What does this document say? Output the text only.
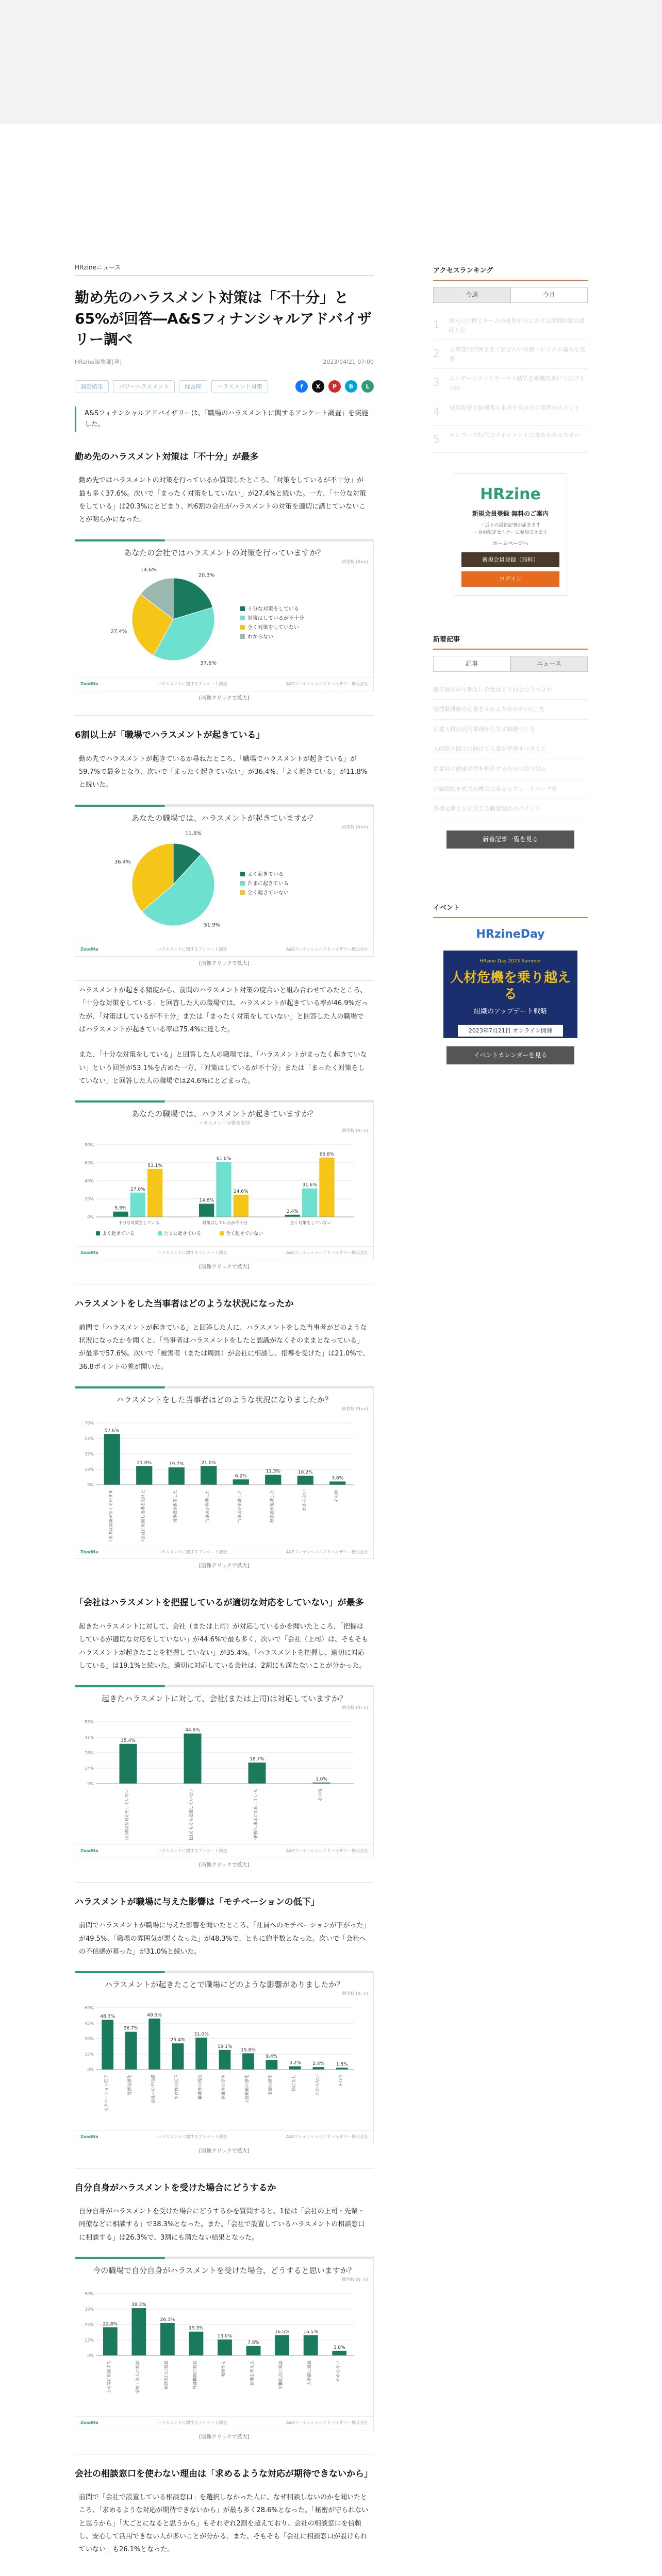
HRzineニュース
勤め先のハラスメント対策は「不十分」と65%が回答―A&Sフィナンシャルアドバイザリー調べ
HRzine編集部[著]	2023/04/21 07:00
調査結果	パワーハラスメント	経営陣	ハラスメント対策	f	X	P	B	L
A&Sフィナンシャルアドバイザリーは、「職場のハラスメントに関するアンケート調査」を実施した。
勤め先のハラスメント対策は「不十分」が最多

勤め先ではハラスメントの対策を行っているか質問したところ、「対策をしているが不十分」が最も多く37.6%。次いで「まったく対策をしていない」が27.4%と続いた。一方、「十分な対策をしている」は20.3%にとどまり、約6割の会社がハラスメントの対策を適切に講じていないことが明らかになった。

あなたの会社ではハラスメントの対策を行っていますか？
回答数 (N=n)
20.3%
37.6%
27.4%
14.6%
十分な対策をしている
対策はしているが不十分
全く対策をしていない
わからない
ZoodHa	ハラスメントに関するアンケート調査	A&Sフィナンシャルアドバイザリー株式会社
[画像クリックで拡大]
6割以上が「職場でハラスメントが起きている」

勤め先でハラスメントが起きているか尋ねたところ、「職場でハラスメントが起きている」が59.7%で最多となり、次いで「まったく起きていない」が36.4%、「よく起きている」が11.8%と続いた。

あなたの職場では、ハラスメントが起きていますか？
回答数 (N=n)
11.8%
51.9%
36.4%
よく起きている
たまに起きている
全く起きていない
ZoodHa	ハラスメントに関するアンケート調査	A&Sフィナンシャルアドバイザリー株式会社
[画像クリックで拡大]

ハラスメントが起きる頻度から、前問のハラスメント対策の度合いと組み合わせてみたところ、「十分な対策をしている」と回答した人の職場では、ハラスメントが起きている率が46.9%だったが、「対策はしているが不十分」または「まったく対策をしていない」と回答した人の職場ではハラスメントが起きている率は75.4%に達した。

また、「十分な対策をしている」と回答した人の職場では、「ハラスメントがまったく起きていない」という回答が53.1%を占めた一方、「対策はしているが不十分」または「まったく対策をしていない」と回答した人の職場では24.6%にとどまった。

あなたの職場では、ハラスメントが起きていますか？
ハラスメント対策状況別
回答数 (N=n)
0%
20%
40%
60%
80%
5.9%
14.6%
2.4%
27.0%
61.0%
31.6%
53.1%
24.6%
65.8%
十分な対策をしている	対策はしているが不十分	全く対策をしていない
よく起きている	たまに起きている	全く起きていない
ZoodHa	ハラスメントに関するアンケート調査	A&Sフィナンシャルアドバイザリー株式会社
[画像クリックで拡大]
ハラスメントをした当事者はどのような状況になったか

前問で「ハラスメントが起きている」と回答した人に、ハラスメントをした当事者がどのような状況になったかを聞くと、「当事者はハラスメントをしたと認識がなくそのままとなっている」が最多で57.6%。次いで「被害者（または周囲）が会社に相談し、指導を受けた」は21.0%で、36.8ポイントの差が開いた。

ハラスメントをした当事者はどのような状況になりましたか？
回答数 (N=n)
0%
18%
35%
53%
70%
57.6%
当事者は認識がなくそのまま
21.0%
被害者が会社に相談し指導を受けた
19.7%
当事者が謝罪した
21.0%
当事者が異動した
6.2%
当事者が退職した
11.3%
被害者が退職した
10.2%
わからない
3.8%
その他
ZoodHa	ハラスメントに関するアンケート調査	A&Sフィナンシャルアドバイザリー株式会社
[画像クリックで拡大]
「会社はハラスメントを把握しているが適切な対応をしていない」が最多

起きたハラスメントに対して、会社（または上司）が対応しているかを聞いたところ、「把握はしているが適切な対応をしていない」が44.6%で最も多く、次いで「会社（上司）は、そもそもハラスメントが起きたことを把握していない」が35.4%。「ハラスメントを把握し、適切に対応している」は19.1%と続いた。適切に対応している会社は、2割にも満たないことが分かった。

起きたハラスメントに対して、会社(または上司)は対応していますか？
回答数 (N=n)
0%
14%
28%
41%
55%
35.4%
把握はしているが適切な対応をしていない
44.6%
会社はそもそも把握していない
18.7%
ハラスメントを把握し適切に対応している
1.0%
その他
ZoodHa	ハラスメントに関するアンケート調査	A&Sフィナンシャルアドバイザリー株式会社
[画像クリックで拡大]
ハラスメントが職場に与えた影響は「モチベーションの低下」

前問でハラスメントが職場に与えた影響を聞いたところ、「社員へのモチベーションが下がった」が49.5%、「職場の雰囲気が悪くなった」が48.3%で、ともに約半数となった。次いで「会社への不信感が募った」が31.0%と続いた。

ハラスメントが起きたことで職場にどのような影響がありましたか？
回答数 (N=n)
0%
15%
30%
45%
60%
48.3%
モチベーション低下
36.7%
雰囲気悪化
49.5%
会社への不信感
25.4%
生産性の低下
31.0%
離職者の増加
19.1%
休職者の発生
15.8%
人間関係の悪化
9.4%
業績の悪化
3.2%
特になし
2.4%
わからない
1.8%
その他
ZoodHa	ハラスメントに関するアンケート調査	A&Sフィナンシャルアドバイザリー株式会社
[画像クリックで拡大]
自分自身がハラスメントを受けた場合にどうするか

自分自身がハラスメントを受けた場合にどうするかを質問すると、1位は「会社の上司・先輩・同僚などに相談する」で38.3%となった。また、「会社で設置しているハラスメントの相談窓口に相談する」は26.3%で、3割にも満たない結果となった。

今の職場で自分自身がハラスメントを受けた場合、どうすると思いますか？
回答数 (N=n)
0%
13%
25%
38%
50%
22.8%
上司等に相談する
38.3%
家族・友人に相談
26.3%
相談窓口に相談
19.3%
外部機関に相談
13.0%
我慢する
7.8%
転職を考える
16.5%
労働組合に相談
16.5%
人事部に相談
3.8%
わからない
ZoodHa	ハラスメントに関するアンケート調査	A&Sフィナンシャルアドバイザリー株式会社
[画像クリックで拡大]
会社の相談窓口を使わない理由は「求めるような対応が期待できないから」

前問で「会社で設置している相談窓口」を選択しなかった人に、なぜ相談しないのかを聞いたところ、「求めるような対応が期待できないから」が最も多く28.6%となった。「秘密が守られないと思うから」「大ごとになると思うから」もそれぞれ2割を超えており、会社の相談窓口を信頼し、安心して活用できない人が多いことが分かる。また、そもそも「会社に相談窓口が設けられていない」も26.1%となった。

アクセスランキング
今週	今月
1	個人の目標とチームの成長を両立させる評価制度の設計とは
2	人事部門が押さえておきたい労務トピックの基本と実務
3	エンゲージメントサーベイ結果を組織改善につなげる方法
4	採用面接で候補者の本音を引き出す質問のポイント
5	テレワーク時代のマネジメントに求められるスキル
HRzine
新規会員登録 無料のご案内
・近々の最新記事が届きます
・会員限定セミナーに参加できます
ホームページへ
新規会員登録（無料）
ログイン
新着記事
記事	ニュース
新卒採用の早期化に企業はどう向き合うべきか
管理職研修の効果を高めるための3つの工夫
副業人材の活用事例から学ぶ組織づくり
人的資本開示に向けて人事が準備すべきこと
従業員の健康経営を推進するための取り組み
評価面談を成長の機会に変えるフィードバック術
多様な働き方を支える制度設計のポイント
新着記事一覧を見る
イベント
HRzineDay
HRzine Day 2023 Summer
人材危機を乗り越える
組織のアップデート戦略
2023年7月21日 オンライン開催
イベントカレンダーを見る
